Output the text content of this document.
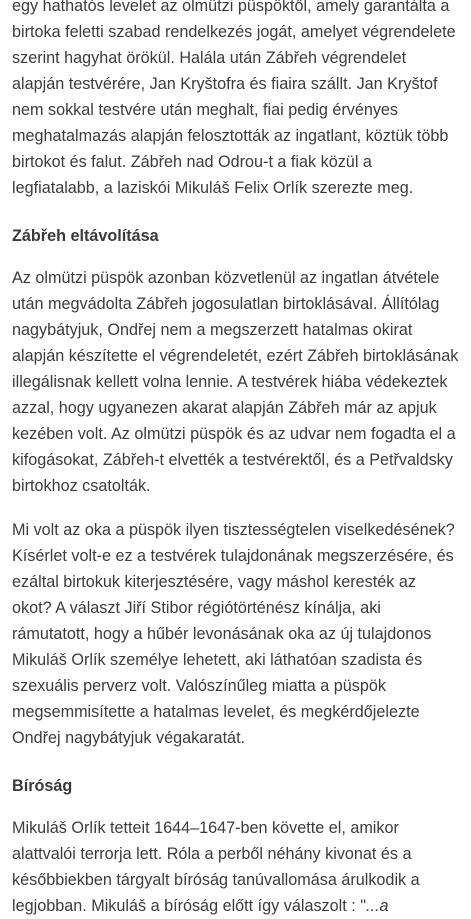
egy hathatós levelet az olmützi püspöktől, amely garantálta a birtoka feletti szabad rendelkezés jogát, amelyet végrendelete szerint hagyhat örökül. Halála után Zábřeh végrendelet alapján testvérére, Jan Kryštofra és fiaira szállt. Jan Kryštof nem sokkal testvére után meghalt, fiai pedig érvényes meghatalmazás alapján felosztották az ingatlant, köztük több birtokot és falut. Zábřeh nad Odrou-t a fiak közül a legfiatalabb, a laziskói Mikuláš Felix Orlík szerezte meg.

Zábřeh eltávolítása

Az olmützi püspök azonban közvetlenül az ingatlan átvétele után megvádolta Zábřeh jogosulatlan birtoklásával. Állítólag nagybátyjuk, Ondřej nem a megszerzett hatalmas okirat alapján készítette el végrendeletét, ezért Zábřeh birtoklásának illegálisnak kellett volna lennie. A testvérek hiába védekeztek azzal, hogy ugyanezen akarat alapján Zábřeh már az apjuk kezében volt. Az olmützi püspök és az udvar nem fogadta el a kifogásokat, Zábřeh-t elvették a testvérektől, és a Petřvaldsky birtokhoz csatolták.

Mi volt az oka a püspök ilyen tisztességtelen viselkedésének? Kísérlet volt-e ez a testvérek tulajdonának megszerzésére, és ezáltal birtokuk kiterjesztésére, vagy máshol keresték az okot? A választ Jiří Stibor régiótörténész kínálja, aki rámutatott, hogy a hűbér levonásának oka az új tulajdonos Mikuláš Orlík személye lehetett, aki láthatóan szadista és szexuális perverz volt. Valószínűleg miatta a püspök megsemmisítette a hatalmas levelet, és megkérdőjelezte Ondřej nagybátyjuk végakaratát.

Bíróság

Mikuláš Orlík tetteit 1644–1647-ben követte el, amikor alattvalói terrorja lett. Róla a perből néhány kivonat és a későbbiekben tárgyalt bíróság tanúvallomása árulkodik a legjobban. Mikuláš a bíróság előtt így válaszolt : "...a
